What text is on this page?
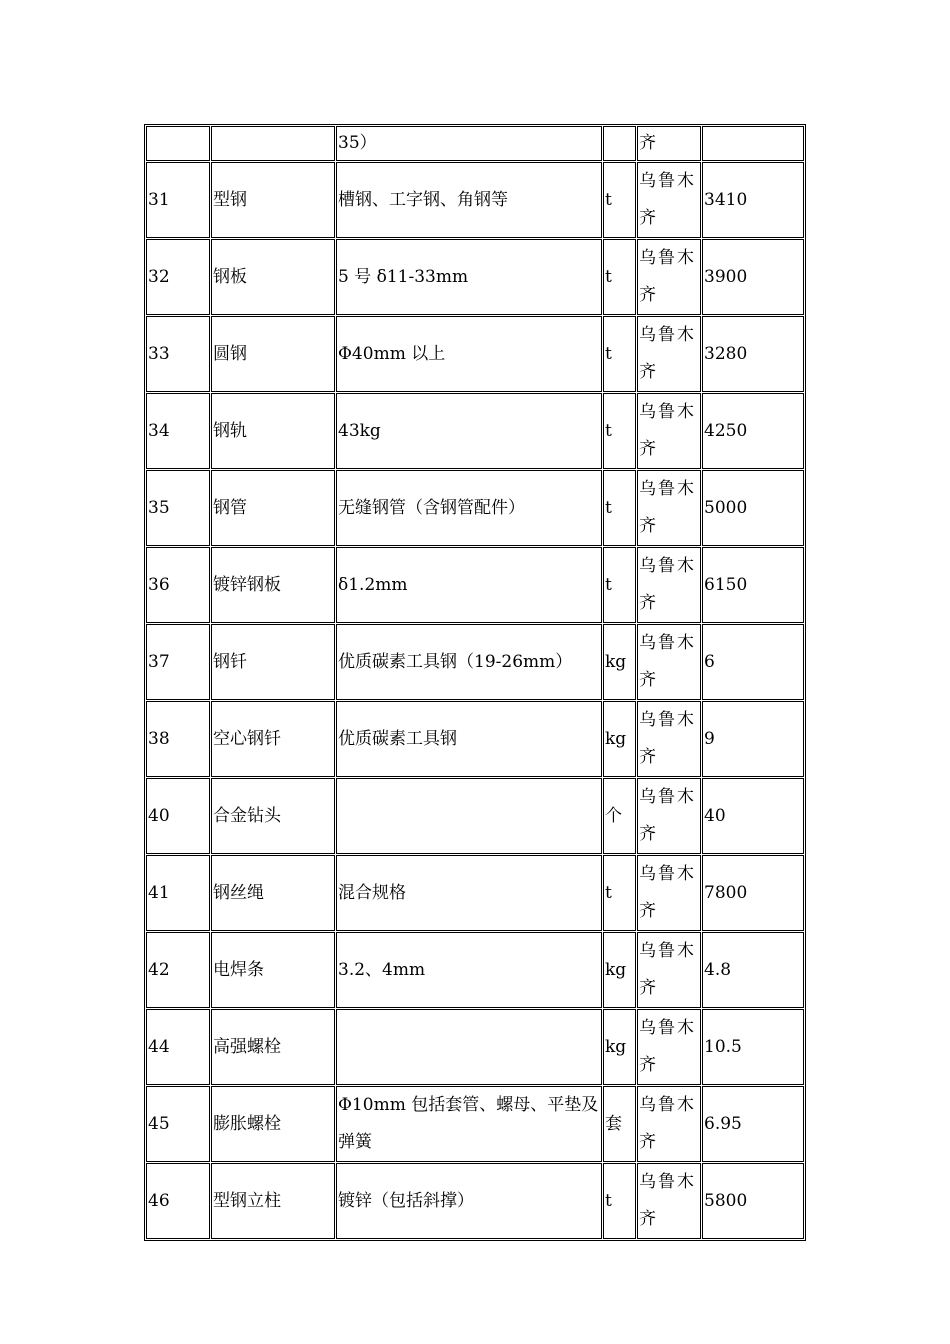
		35）		齐	
31	型钢	槽钢、工字钢、角钢等	t	乌鲁木齐	3410
32	钢板	5 号 δ11-33mm	t	乌鲁木齐	3900
33	圆钢	Φ40mm 以上	t	乌鲁木齐	3280
34	钢轨	43kg	t	乌鲁木齐	4250
35	钢管	无缝钢管（含钢管配件）	t	乌鲁木齐	5000
36	镀锌钢板	δ1.2mm	t	乌鲁木齐	6150
37	钢钎	优质碳素工具钢（19-26mm）	kg	乌鲁木齐	6
38	空心钢钎	优质碳素工具钢	kg	乌鲁木齐	9
40	合金钻头		个	乌鲁木齐	40
41	钢丝绳	混合规格	t	乌鲁木齐	7800
42	电焊条	3.2、4mm	kg	乌鲁木齐	4.8
44	高强螺栓		kg	乌鲁木齐	10.5
45	膨胀螺栓	Φ10mm 包括套管、螺母、平垫及弹簧	套	乌鲁木齐	6.95
46	型钢立柱	镀锌（包括斜撑）	t	乌鲁木齐	5800
